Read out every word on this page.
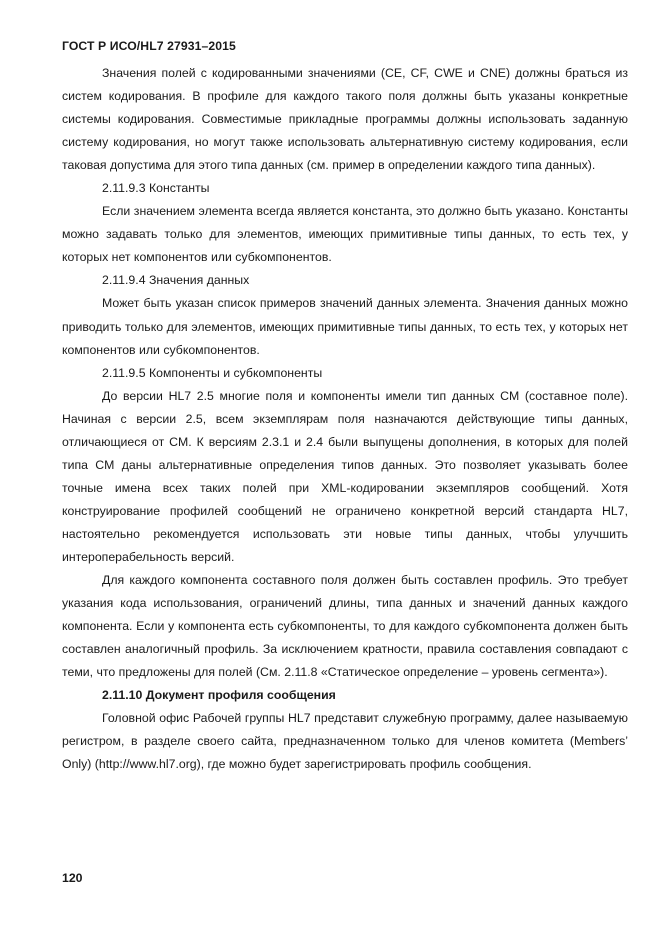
ГОСТ Р ИСО/HL7 27931–2015

Значения полей с кодированными значениями (CE, CF, CWE и CNE) должны браться из систем кодирования. В профиле для каждого такого поля должны быть указаны конкретные системы кодирования. Совместимые прикладные программы должны использовать заданную систему кодирования, но могут также использовать альтернативную систему кодирования, если таковая допустима для этого типа данных (см. пример в определении каждого типа данных).

2.11.9.3 Константы

Если значением элемента всегда является константа, это должно быть указано. Константы можно задавать только для элементов, имеющих примитивные типы данных, то есть тех, у которых нет компонентов или субкомпонентов.

2.11.9.4 Значения данных

Может быть указан список примеров значений данных элемента. Значения данных можно приводить только для элементов, имеющих примитивные типы данных, то есть тех, у которых нет компонентов или субкомпонентов.

2.11.9.5 Компоненты и субкомпоненты

До версии HL7 2.5 многие поля и компоненты имели тип данных CM (составное поле). Начиная с версии 2.5, всем экземплярам поля назначаются действующие типы данных, отличающиеся от CM. К версиям 2.3.1 и 2.4 были выпущены дополнения, в которых для полей типа CM даны альтернативные определения типов данных. Это позволяет указывать более точные имена всех таких полей при XML-кодировании экземпляров сообщений. Хотя конструирование профилей сообщений не ограничено конкретной версий стандарта HL7, настоятельно рекомендуется использовать эти новые типы данных, чтобы улучшить интероперабельность версий.

Для каждого компонента составного поля должен быть составлен профиль. Это требует указания кода использования, ограничений длины, типа данных и значений данных каждого компонента. Если у компонента есть субкомпоненты, то для каждого субкомпонента должен быть составлен аналогичный профиль. За исключением кратности, правила составления совпадают с теми, что предложены для полей (См. 2.11.8 «Статическое определение – уровень сегмента»).

2.11.10 Документ профиля сообщения

Головной офис Рабочей группы HL7 представит служебную программу, далее называемую регистром, в разделе своего сайта, предназначенном только для членов комитета (Members’ Only) (http://www.hl7.org), где можно будет зарегистрировать профиль сообщения.

120
